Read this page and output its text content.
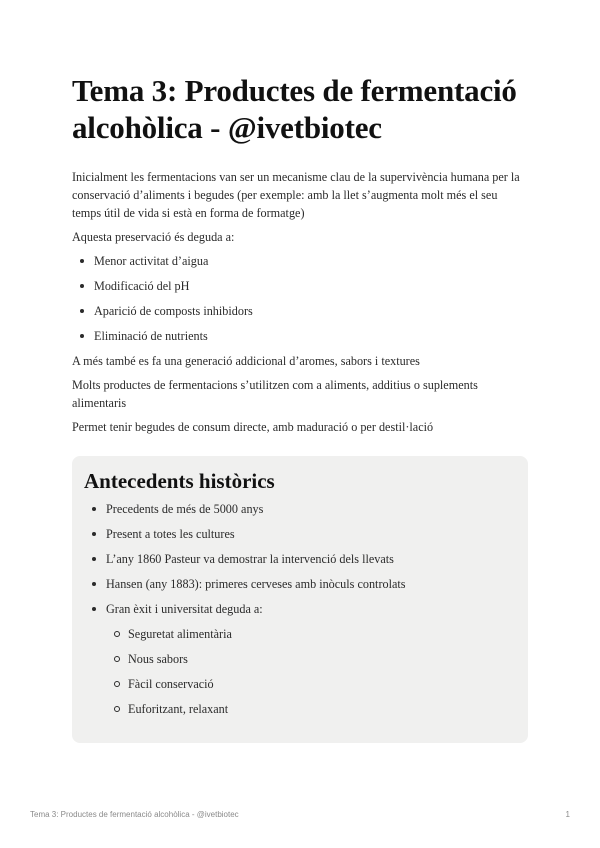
Tema 3: Productes de fermentació alcohòlica - @ivetbiotec

Inicialment les fermentacions van ser un mecanisme clau de la supervivència humana per la conservació d’aliments i begudes (per exemple: amb la llet s’augmenta molt més el seu temps útil de vida si està en forma de formatge)

Aquesta preservació és deguda a:

Menor activitat d’aigua
Modificació del pH
Aparició de composts inhibidors
Eliminació de nutrients

A més també es fa una generació addicional d’aromes, sabors i textures

Molts productes de fermentacions s’utilitzen com a aliments, additius o suplements alimentaris

Permet tenir begudes de consum directe, amb maduració o per destil·lació

Antecedents històrics
Precedents de més de 5000 anys
Present a totes les cultures
L’any 1860 Pasteur va demostrar la intervenció dels llevats
Hansen (any 1883): primeres cerveses amb inòculs controlats
Gran èxit i universitat deguda a:
Seguretat alimentària
Nous sabors
Fàcil conservació
Euforitzant, relaxant
Tema 3: Productes de fermentació alcohòlica - @ivetbiotec	1
